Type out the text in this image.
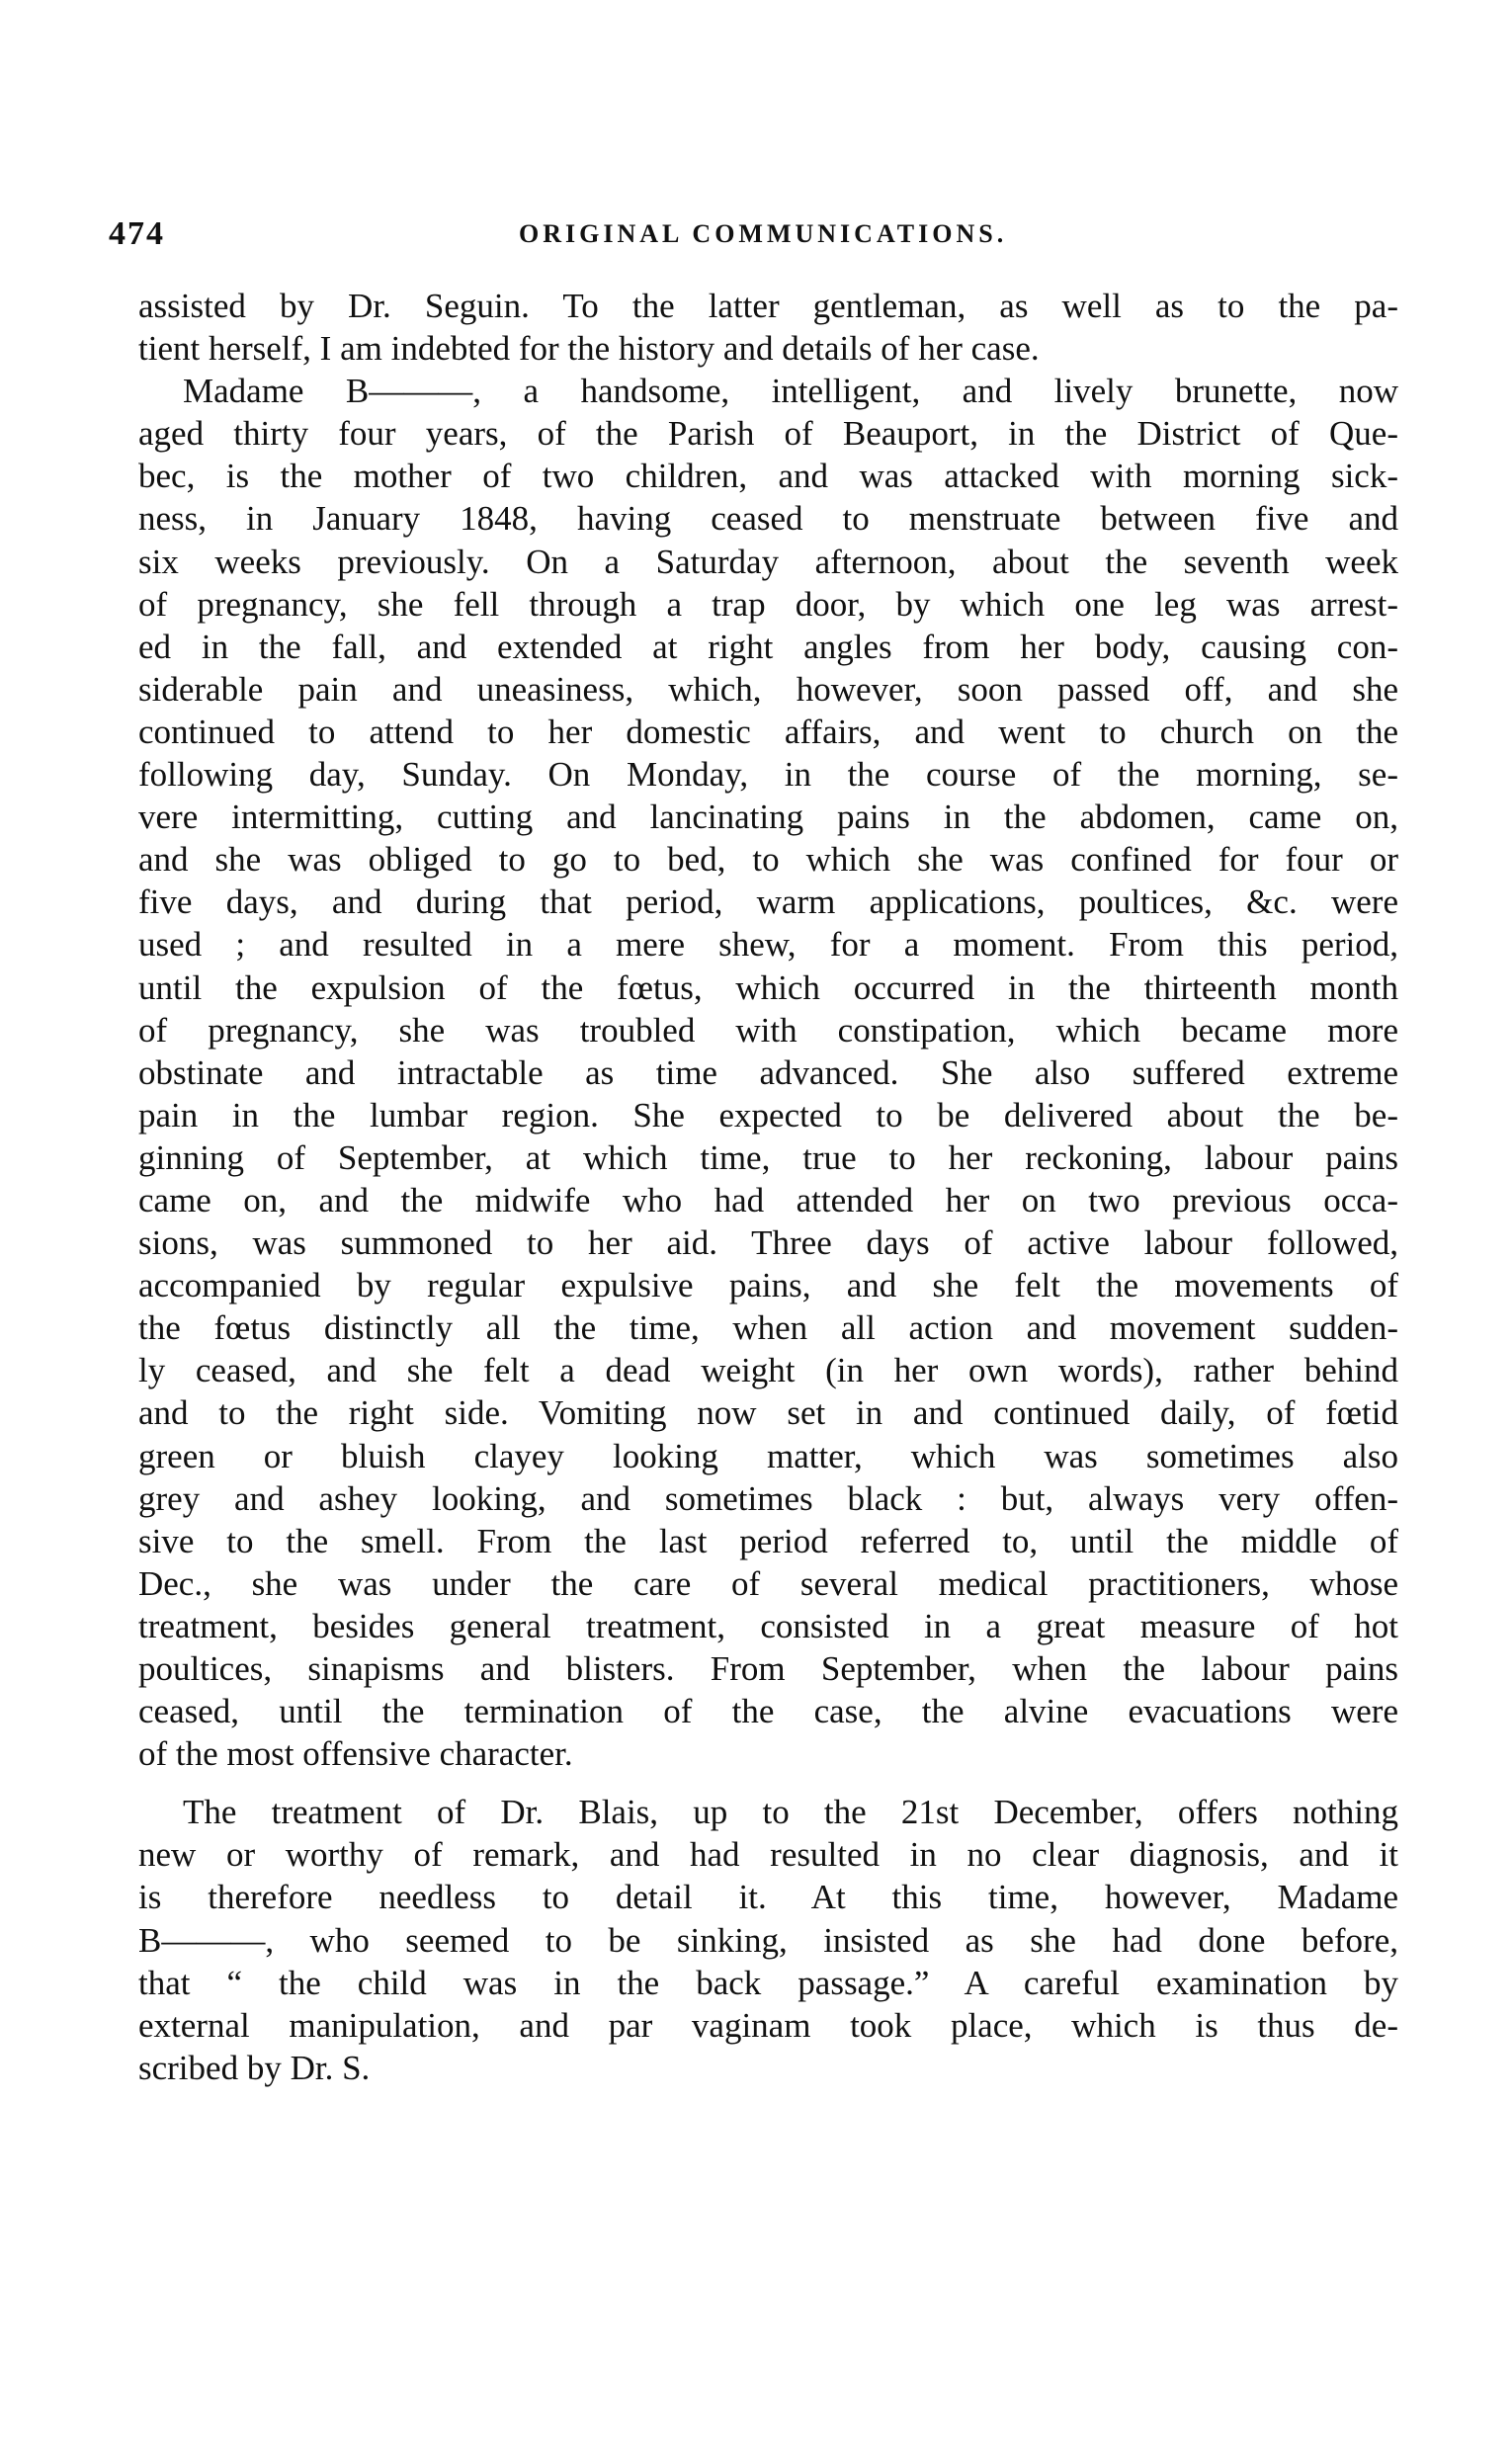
474	ORIGINAL COMMUNICATIONS.
assisted by Dr. Seguin. To the latter gentleman, as well as to the pa-
tient herself, I am indebted for the history and details of her case.
Madame B———, a handsome, intelligent, and lively brunette, now
aged thirty four years, of the Parish of Beauport, in the District of Que-
bec, is the mother of two children, and was attacked with morning sick-
ness, in January 1848, having ceased to menstruate between five and
six weeks previously. On a Saturday afternoon, about the seventh week
of pregnancy, she fell through a trap door, by which one leg was arrest-
ed in the fall, and extended at right angles from her body, causing con-
siderable pain and uneasiness, which, however, soon passed off, and she
continued to attend to her domestic affairs, and went to church on the
following day, Sunday. On Monday, in the course of the morning, se-
vere intermitting, cutting and lancinating pains in the abdomen, came on,
and she was obliged to go to bed, to which she was confined for four or
five days, and during that period, warm applications, poultices, &c. were
used ; and resulted in a mere shew, for a moment. From this period,
until the expulsion of the fœtus, which occurred in the thirteenth month
of pregnancy, she was troubled with constipation, which became more
obstinate and intractable as time advanced. She also suffered extreme
pain in the lumbar region. She expected to be delivered about the be-
ginning of September, at which time, true to her reckoning, labour pains
came on, and the midwife who had attended her on two previous occa-
sions, was summoned to her aid. Three days of active labour followed,
accompanied by regular expulsive pains, and she felt the movements of
the fœtus distinctly all the time, when all action and movement sudden-
ly ceased, and she felt a dead weight (in her own words), rather behind
and to the right side. Vomiting now set in and continued daily, of fœtid
green or bluish clayey looking matter, which was sometimes also
grey and ashey looking, and sometimes black : but, always very offen-
sive to the smell. From the last period referred to, until the middle of
Dec., she was under the care of several medical practitioners, whose
treatment, besides general treatment, consisted in a great measure of hot
poultices, sinapisms and blisters. From September, when the labour pains
ceased, until the termination of the case, the alvine evacuations were
of the most offensive character.
The treatment of Dr. Blais, up to the 21st December, offers nothing
new or worthy of remark, and had resulted in no clear diagnosis, and it
is therefore needless to detail it. At this time, however, Madame
B———, who seemed to be sinking, insisted as she had done before,
that “ the child was in the back passage.” A careful examination by
external manipulation, and par vaginam took place, which is thus de-
scribed by Dr. S.
